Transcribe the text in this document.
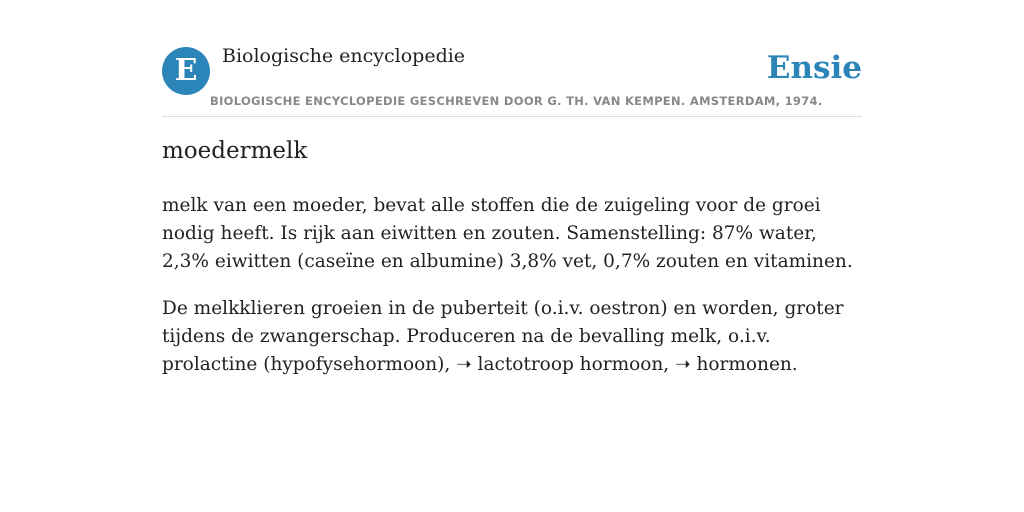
E	Biologische encyclopedie	Ensie
BIOLOGISCHE ENCYCLOPEDIE GESCHREVEN DOOR G. TH. VAN KEMPEN. AMSTERDAM, 1974.
moedermelk

melk van een moeder, bevat alle stoffen die de zuigeling voor de groei nodig heeft. Is rijk aan eiwitten en zouten. Samenstelling: 87% water, 2,3% eiwitten (caseïne en albumine) 3,8% vet, 0,7% zouten en vitaminen.

De melkklieren groeien in de puberteit (o.i.v. oestron) en worden, groter tijdens de zwangerschap. Produceren na de bevalling melk, o.i.v. prolactine (hypofysehormoon), ➝ lactotroop hormoon, ➝ hormonen.
